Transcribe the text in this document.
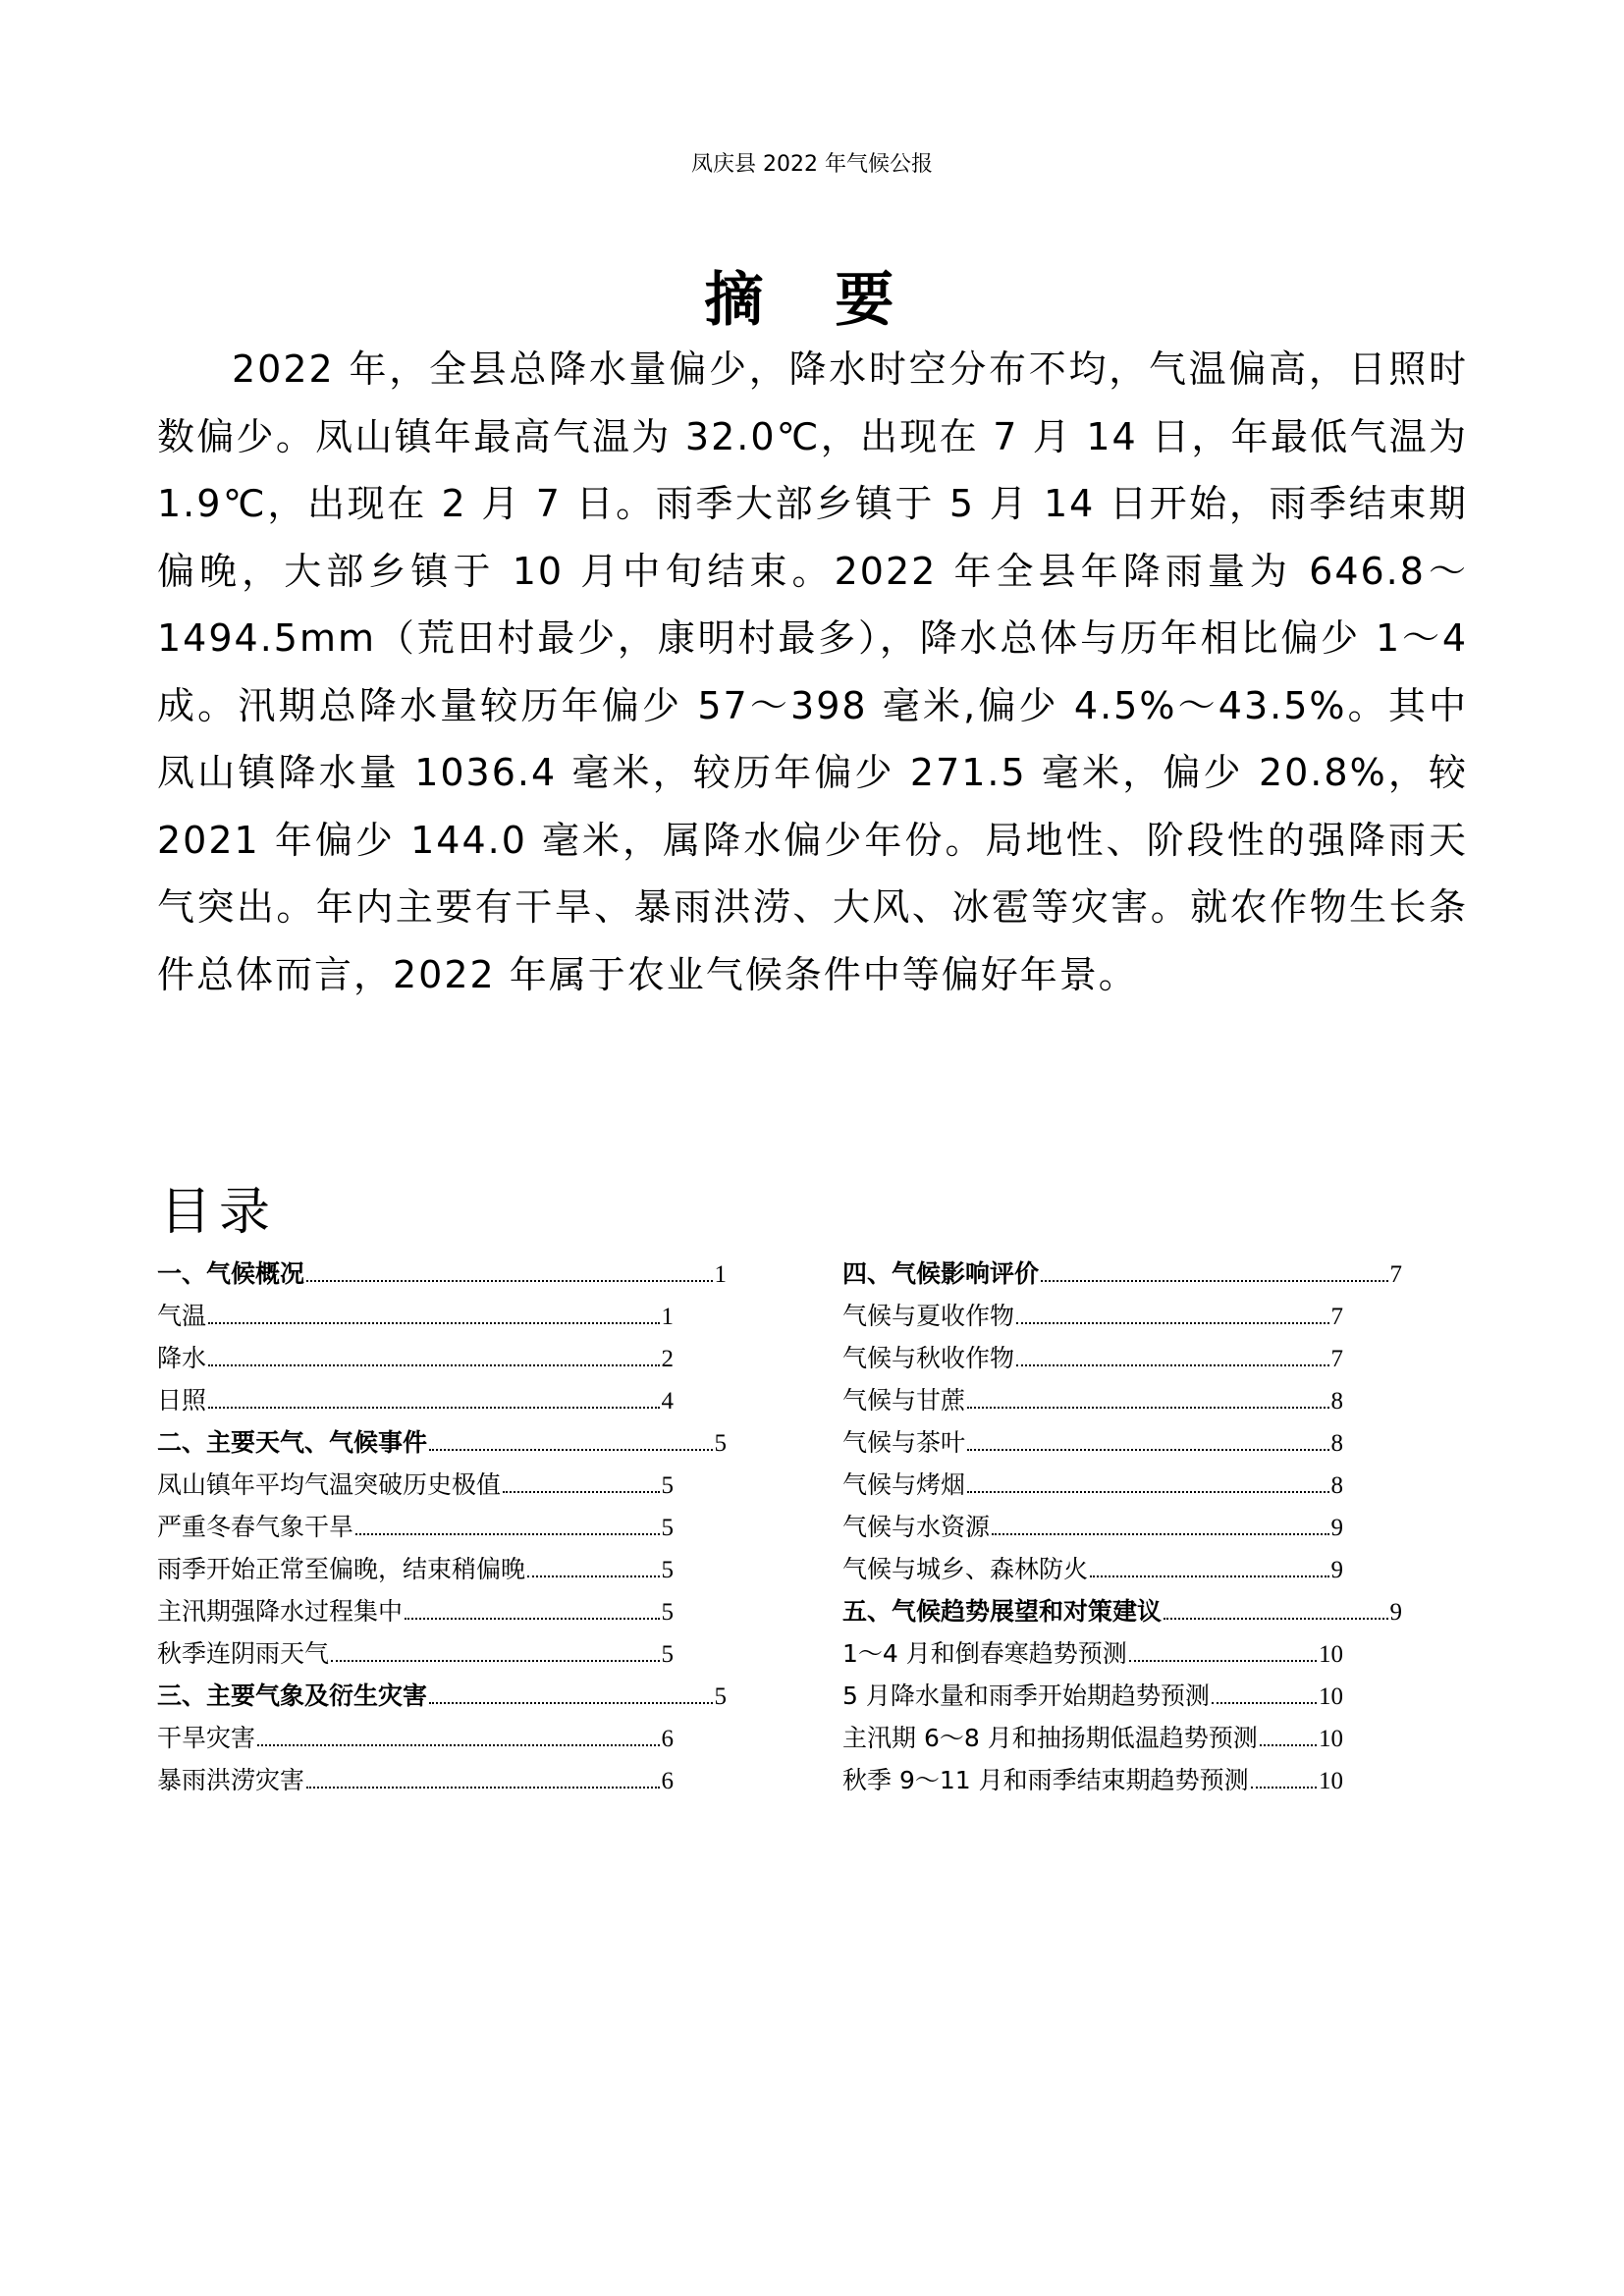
凤庆县 2022 年气候公报
摘 要

2022 年，全县总降水量偏少，降水时空分布不均，气温偏高，日照时数偏少。凤山镇年最高气温为 32.0℃，出现在 7 月 14 日，年最低气温为 1.9℃，出现在 2 月 7 日。雨季大部乡镇于 5 月 14 日开始，雨季结束期偏晚，大部乡镇于 10 月中旬结束。2022 年全县年降雨量为 646.8～1494.5mm（荒田村最少，康明村最多），降水总体与历年相比偏少 1～4 成。汛期总降水量较历年偏少 57～398 毫米,偏少 4.5%～43.5%。其中凤山镇降水量 1036.4 毫米，较历年偏少 271.5 毫米，偏少 20.8%，较 2021 年偏少 144.0 毫米，属降水偏少年份。局地性、阶段性的强降雨天气突出。年内主要有干旱、暴雨洪涝、大风、冰雹等灾害。就农作物生长条件总体而言，2022 年属于农业气候条件中等偏好年景。

目录
一、气候概况	1
气温	1
降水	2
日照	4
二、主要天气、气候事件	5
凤山镇年平均气温突破历史极值	5
严重冬春气象干旱	5
雨季开始正常至偏晚，结束稍偏晚	5
主汛期强降水过程集中	5
秋季连阴雨天气	5
三、主要气象及衍生灾害	5
干旱灾害	6
暴雨洪涝灾害	6
四、气候影响评价	7
气候与夏收作物	7
气候与秋收作物	7
气候与甘蔗	8
气候与茶叶	8
气候与烤烟	8
气候与水资源	9
气候与城乡、森林防火	9
五、气候趋势展望和对策建议	9
1～4 月和倒春寒趋势预测	10
5 月降水量和雨季开始期趋势预测	10
主汛期 6～8 月和抽扬期低温趋势预测 10
秋季 9～11 月和雨季结束期趋势预测	10
